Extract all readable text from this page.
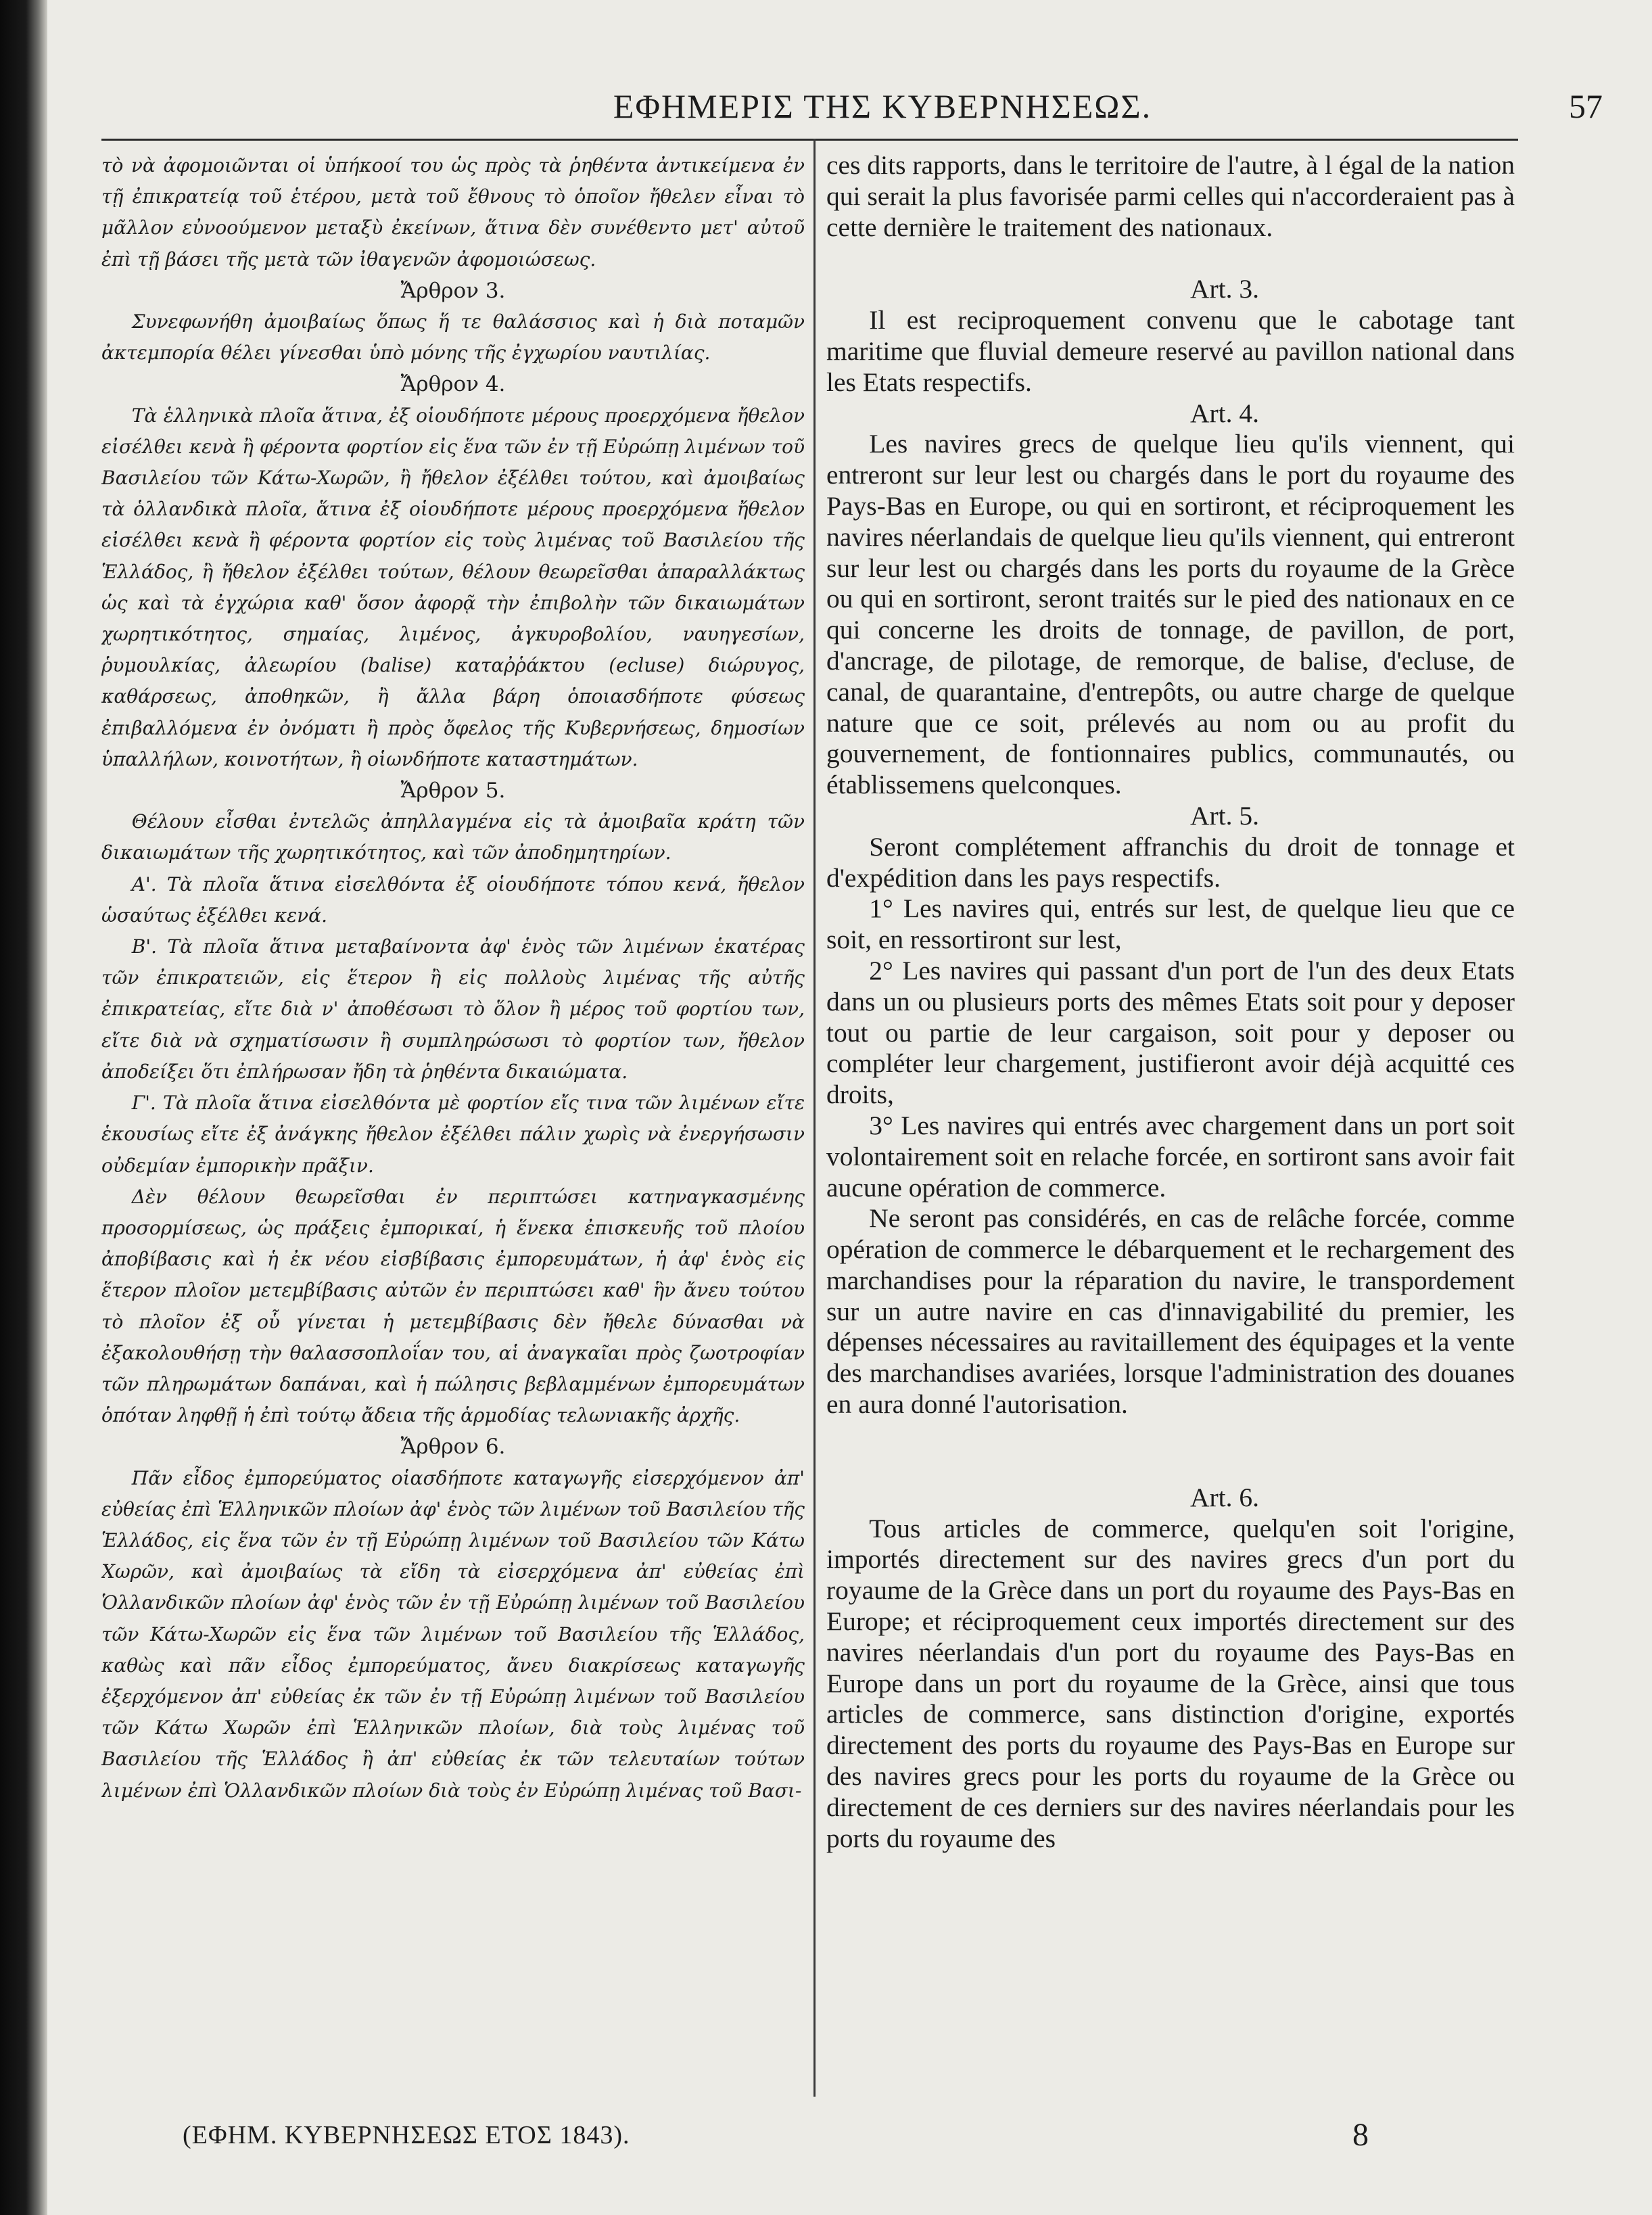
ΕΦΗΜΕΡΙΣ ΤΗΣ ΚΥΒΕΡΝΗΣΕΩΣ.	57

τὸ νὰ ἀφομοιῶνται οἱ ὑπήκοοί του ὡς πρὸς τὰ ῥηθέντα ἀντικείμενα ἐν τῇ ἐπικρατείᾳ τοῦ ἑτέρου, μετὰ τοῦ ἔθνους τὸ ὁποῖον ἤθελεν εἶναι τὸ μᾶλλον εὐνοούμενον μεταξὺ ἐκείνων, ἅτινα δὲν συνέθεντο μετ' αὐτοῦ ἐπὶ τῇ βάσει τῆς μετὰ τῶν ἰθαγενῶν ἀφομοιώσεως.

Ἄρθρον 3.

Συνεφωνήθη ἀμοιβαίως ὅπως ἥ τε θαλάσσιος καὶ ἡ διὰ ποταμῶν ἀκτεμπορία θέλει γίνεσθαι ὑπὸ μόνης τῆς ἐγχωρίου ναυτιλίας.

Ἄρθρον 4.

Τὰ ἑλληνικὰ πλοῖα ἅτινα, ἐξ οἱουδήποτε μέρους προερχόμενα ἤθελον εἰσέλθει κενὰ ἢ φέροντα φορτίον εἰς ἕνα τῶν ἐν τῇ Εὐρώπῃ λιμένων τοῦ Βασιλείου τῶν Κάτω-Χωρῶν, ἢ ἤθελον ἐξέλθει τούτου, καὶ ἀμοιβαίως τὰ ὁλλανδικὰ πλοῖα, ἅτινα ἐξ οἱουδήποτε μέρους προερχόμενα ἤθελον εἰσέλθει κενὰ ἢ φέροντα φορτίον εἰς τοὺς λιμένας τοῦ Βασιλείου τῆς Ἑλλάδος, ἢ ἤθελον ἐξέλθει τούτων, θέλουν θεωρεῖσθαι ἀπαραλλάκτως ὡς καὶ τὰ ἐγχώρια καθ' ὅσον ἀφορᾷ τὴν ἐπιβολὴν τῶν δικαιωμάτων χωρητικότητος, σημαίας, λιμένος, ἀγκυροβολίου, ναυηγεσίων, ῥυμουλκίας, ἀλεωρίου (balise) καταῤῥάκτου (ecluse) διώρυγος, καθάρσεως, ἀποθηκῶν, ἢ ἄλλα βάρη ὁποιασδήποτε φύσεως ἐπιβαλλόμενα ἐν ὀνόματι ἢ πρὸς ὄφελος τῆς Κυβερνήσεως, δημοσίων ὑπαλλήλων, κοινοτήτων, ἢ οἱωνδήποτε καταστημάτων.

Ἄρθρον 5.

Θέλουν εἶσθαι ἐντελῶς ἀπηλλαγμένα εἰς τὰ ἀμοιβαῖα κράτη τῶν δικαιωμάτων τῆς χωρητικότητος, καὶ τῶν ἀποδημητηρίων.

Α'. Τὰ πλοῖα ἅτινα εἰσελθόντα ἐξ οἱουδήποτε τόπου κενά, ἤθελον ὡσαύτως ἐξέλθει κενά.

Β'. Τὰ πλοῖα ἅτινα μεταβαίνοντα ἀφ' ἑνὸς τῶν λιμένων ἑκατέρας τῶν ἐπικρατειῶν, εἰς ἕτερον ἢ εἰς πολλοὺς λιμένας τῆς αὐτῆς ἐπικρατείας, εἴτε διὰ ν' ἀποθέσωσι τὸ ὅλον ἢ μέρος τοῦ φορτίου των, εἴτε διὰ νὰ σχηματίσωσιν ἢ συμπληρώσωσι τὸ φορτίον των, ἤθελον ἀποδείξει ὅτι ἐπλήρωσαν ἤδη τὰ ῥηθέντα δικαιώματα.

Γ'. Τὰ πλοῖα ἅτινα εἰσελθόντα μὲ φορτίον εἴς τινα τῶν λιμένων εἴτε ἑκουσίως εἴτε ἐξ ἀνάγκης ἤθελον ἐξέλθει πάλιν χωρὶς νὰ ἐνεργήσωσιν οὐδεμίαν ἐμπορικὴν πρᾶξιν.

Δὲν θέλουν θεωρεῖσθαι ἐν περιπτώσει κατηναγκασμένης προσορμίσεως, ὡς πράξεις ἐμπορικαί, ἡ ἕνεκα ἐπισκευῆς τοῦ πλοίου ἀποβίβασις καὶ ἡ ἐκ νέου εἰσβίβασις ἐμπορευμάτων, ἡ ἀφ' ἑνὸς εἰς ἕτερον πλοῖον μετεμβίβασις αὐτῶν ἐν περιπτώσει καθ' ἣν ἄνευ τούτου τὸ πλοῖον ἐξ οὗ γίνεται ἡ μετεμβίβασις δὲν ἤθελε δύνασθαι νὰ ἐξακολουθήσῃ τὴν θαλασσοπλοΐαν του, αἱ ἀναγκαῖαι πρὸς ζωοτροφίαν τῶν πληρωμάτων δαπάναι, καὶ ἡ πώλησις βεβλαμμένων ἐμπορευμάτων ὁπόταν ληφθῇ ἡ ἐπὶ τούτῳ ἄδεια τῆς ἁρμοδίας τελωνιακῆς ἀρχῆς.

Ἄρθρον 6.

Πᾶν εἶδος ἐμπορεύματος οἱασδήποτε καταγωγῆς εἰσερχόμενον ἀπ' εὐθείας ἐπὶ Ἑλληνικῶν πλοίων ἀφ' ἑνὸς τῶν λιμένων τοῦ Βασιλείου τῆς Ἑλλάδος, εἰς ἕνα τῶν ἐν τῇ Εὐρώπῃ λιμένων τοῦ Βασιλείου τῶν Κάτω Χωρῶν, καὶ ἀμοιβαίως τὰ εἴδη τὰ εἰσερχόμενα ἀπ' εὐθείας ἐπὶ Ὁλλανδικῶν πλοίων ἀφ' ἑνὸς τῶν ἐν τῇ Εὐρώπῃ λιμένων τοῦ Βασιλείου τῶν Κάτω-Χωρῶν εἰς ἕνα τῶν λιμένων τοῦ Βασιλείου τῆς Ἑλλάδος, καθὼς καὶ πᾶν εἶδος ἐμπορεύματος, ἄνευ διακρίσεως καταγωγῆς ἐξερχόμενον ἀπ' εὐθείας ἐκ τῶν ἐν τῇ Εὐρώπῃ λιμένων τοῦ Βασιλείου τῶν Κάτω Χωρῶν ἐπὶ Ἑλληνικῶν πλοίων, διὰ τοὺς λιμένας τοῦ Βασιλείου τῆς Ἑλλάδος ἢ ἀπ' εὐθείας ἐκ τῶν τελευταίων τούτων λιμένων ἐπὶ Ὁλλανδικῶν πλοίων διὰ τοὺς ἐν Εὐρώπῃ λιμένας τοῦ Βασι-

ces dits rapports, dans le territoire de l'autre, à l égal de la nation qui serait la plus favorisée parmi celles qui n'accorderaient pas à cette dernière le traitement des nationaux.

Art. 3.

Il est reciproquement convenu que le cabotage tant maritime que fluvial demeure reservé au pavillon national dans les Etats respectifs.

Art. 4.

Les navires grecs de quelque lieu qu'ils viennent, qui entreront sur leur lest ou chargés dans le port du royaume des Pays-Bas en Europe, ou qui en sortiront, et réciproquement les navires néerlandais de quelque lieu qu'ils viennent, qui entreront sur leur lest ou chargés dans les ports du royaume de la Grèce ou qui en sortiront, seront traités sur le pied des nationaux en ce qui concerne les droits de tonnage, de pavillon, de port, d'ancrage, de pilotage, de remorque, de balise, d'ecluse, de canal, de quarantaine, d'entrepôts, ou autre charge de quelque nature que ce soit, prélevés au nom ou au profit du gouvernement, de fontionnaires publics, communautés, ou établissemens quelconques.

Art. 5.

Seront complétement affranchis du droit de tonnage et d'expédition dans les pays respectifs.

1° Les navires qui, entrés sur lest, de quelque lieu que ce soit, en ressortiront sur lest,

2° Les navires qui passant d'un port de l'un des deux Etats dans un ou plusieurs ports des mêmes Etats soit pour y deposer tout ou partie de leur cargaison, soit pour y deposer ou compléter leur chargement, justifieront avoir déjà acquitté ces droits,

3° Les navires qui entrés avec chargement dans un port soit volontairement soit en relache forcée, en sortiront sans avoir fait aucune opération de commerce.

Ne seront pas considérés, en cas de relâche forcée, comme opération de commerce le débarquement et le rechargement des marchandises pour la réparation du navire, le transpordement sur un autre navire en cas d'innavigabilité du premier, les dépenses nécessaires au ravitaillement des équipages et la vente des marchandises avariées, lorsque l'administration des douanes en aura donné l'autorisation.

Art. 6.

Tous articles de commerce, quelqu'en soit l'origine, importés directement sur des navires grecs d'un port du royaume de la Grèce dans un port du royaume des Pays-Bas en Europe; et réciproquement ceux importés directement sur des navires néerlandais d'un port du royaume des Pays-Bas en Europe dans un port du royaume de la Grèce, ainsi que tous articles de commerce, sans distinction d'origine, exportés directement des ports du royaume des Pays-Bas en Europe sur des navires grecs pour les ports du royaume de la Grèce ou directement de ces derniers sur des navires néerlandais pour les ports du royaume des

(ΕΦΗΜ. ΚΥΒΕΡΝΗΣΕΩΣ ΕΤΟΣ 1843).	8
